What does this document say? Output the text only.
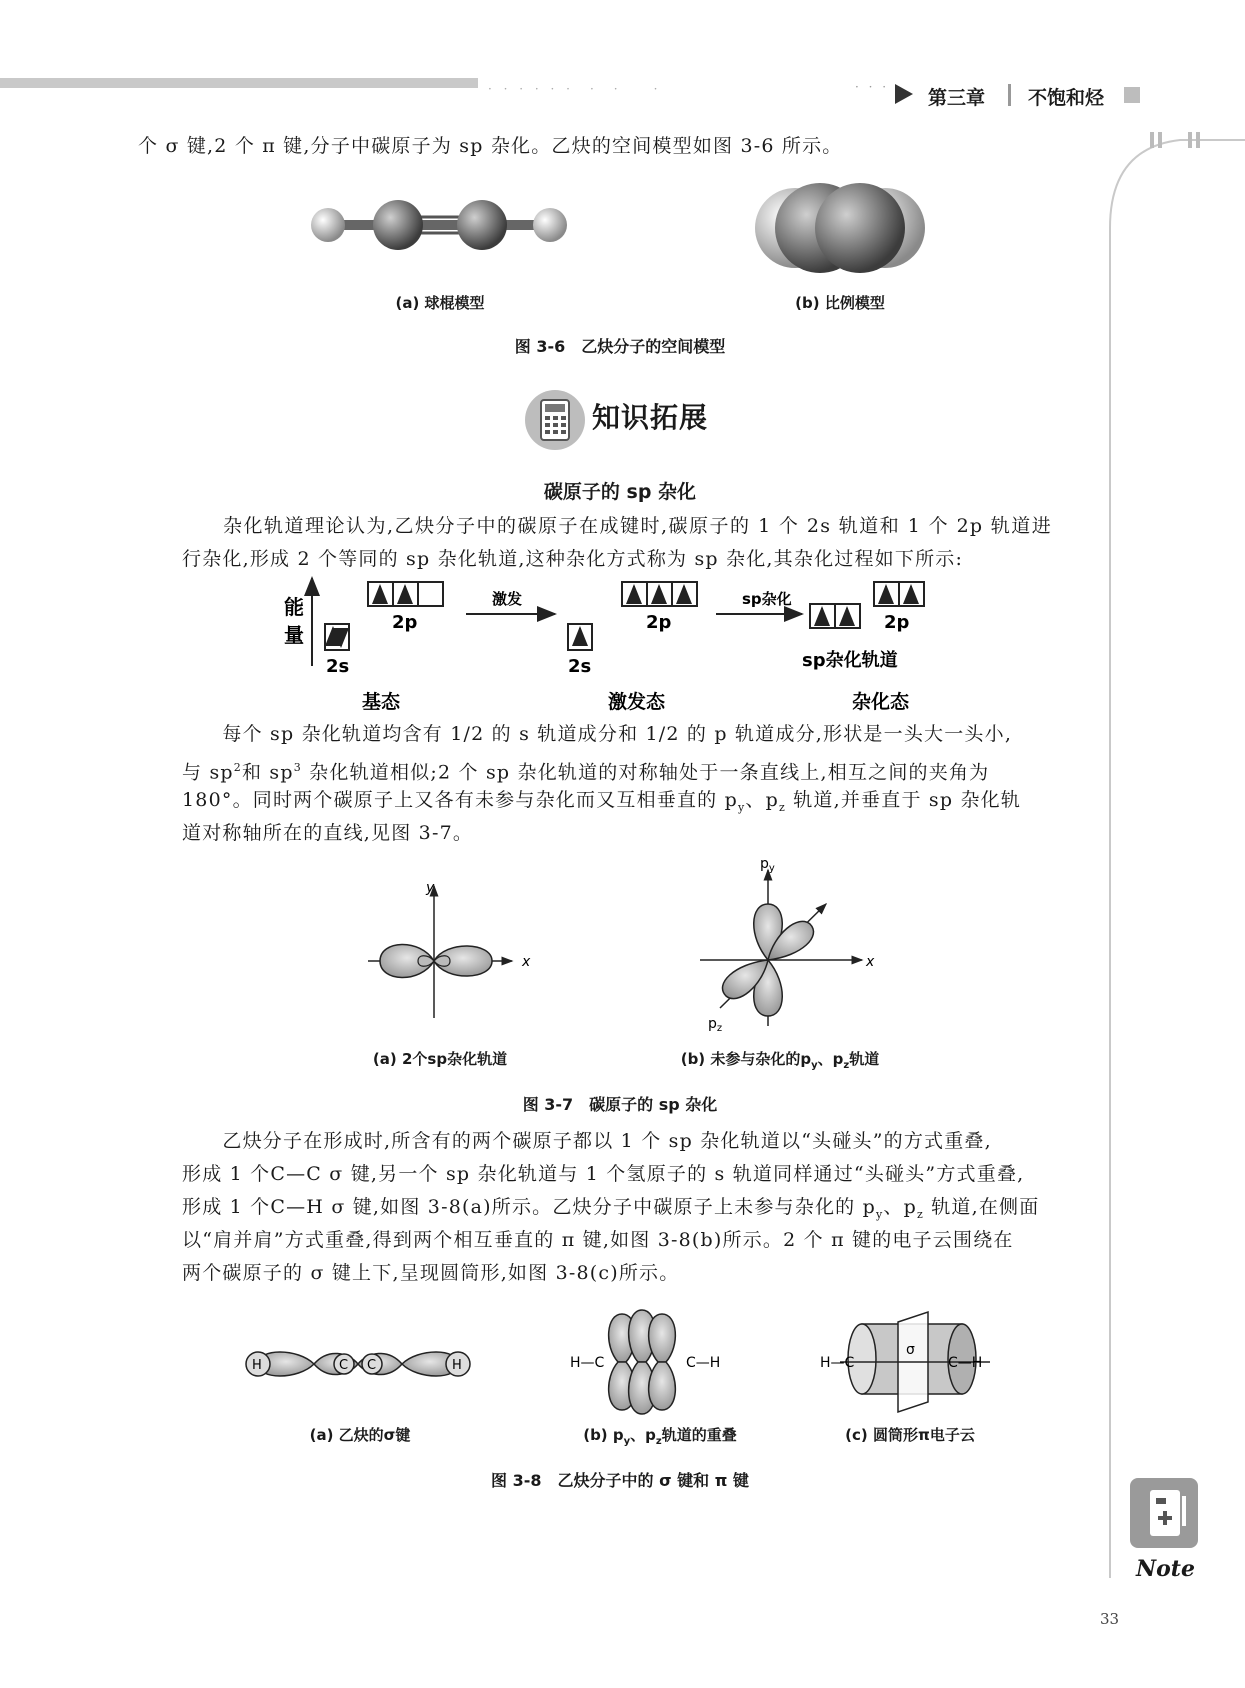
· · · · · ·　·　·　　·	· · · 第三章 不饱和烃
个 σ 键,2 个 π 键,分子中碳原子为 sp 杂化。乙炔的空间模型如图 3-6 所示。
(a) 球棍模型	(b) 比例模型
图 3-6　乙炔分子的空间模型
知识拓展
碳原子的 sp 杂化
　　杂化轨道理论认为,乙炔分子中的碳原子在成键时,碳原子的 1 个 2s 轨道和 1 个 2p 轨道进行杂化,形成 2 个等同的 sp 杂化轨道,这种杂化方式称为 sp 杂化,其杂化过程如下所示:
能
量
2s
2p
激发
2s
2p
sp杂化
2p
sp杂化轨道
基态	激发态	杂化态
　　每个 sp 杂化轨道均含有 1/2 的 s 轨道成分和 1/2 的 p 轨道成分,形状是一头大一头小,
与 $sp^2$和 $sp^3$ 杂化轨道相似;2 个 sp 杂化轨道的对称轴处于一条直线上,相互之间的夹角为
180°。同时两个碳原子上又各有未参与杂化而又互相垂直的 $p_y$、$p_z$ 轨道,并垂直于 sp 杂化轨
道对称轴所在的直线,见图 3-7。
y
x
$p_y$
$p_z$
x
(a) 2个sp杂化轨道	(b) 未参与杂化的$p_y$、$p_z$轨道
图 3-7　碳原子的 sp 杂化
　　乙炔分子在形成时,所含有的两个碳原子都以 1 个 sp 杂化轨道以“头碰头”的方式重叠,
形成 1 个C—C σ 键,另一个 sp 杂化轨道与 1 个氢原子的 s 轨道同样通过“头碰头”方式重叠,
形成 1 个C—H σ 键,如图 3-8(a)所示。乙炔分子中碳原子上未参与杂化的 $p_y$、$p_z$ 轨道,在侧面
以“肩并肩”方式重叠,得到两个相互垂直的 π 键,如图 3-8(b)所示。2 个 π 键的电子云围绕在
两个碳原子的 σ 键上下,呈现圆筒形,如图 3-8(c)所示。
H	H
C C	H—C	C—H	H—C	C—H
σ
(a) 乙炔的σ键	(b) $p_y$、$p_z$轨道的重叠	(c) 圆筒形π电子云
图 3-8　乙炔分子中的 σ 键和 π 键
Note
33
